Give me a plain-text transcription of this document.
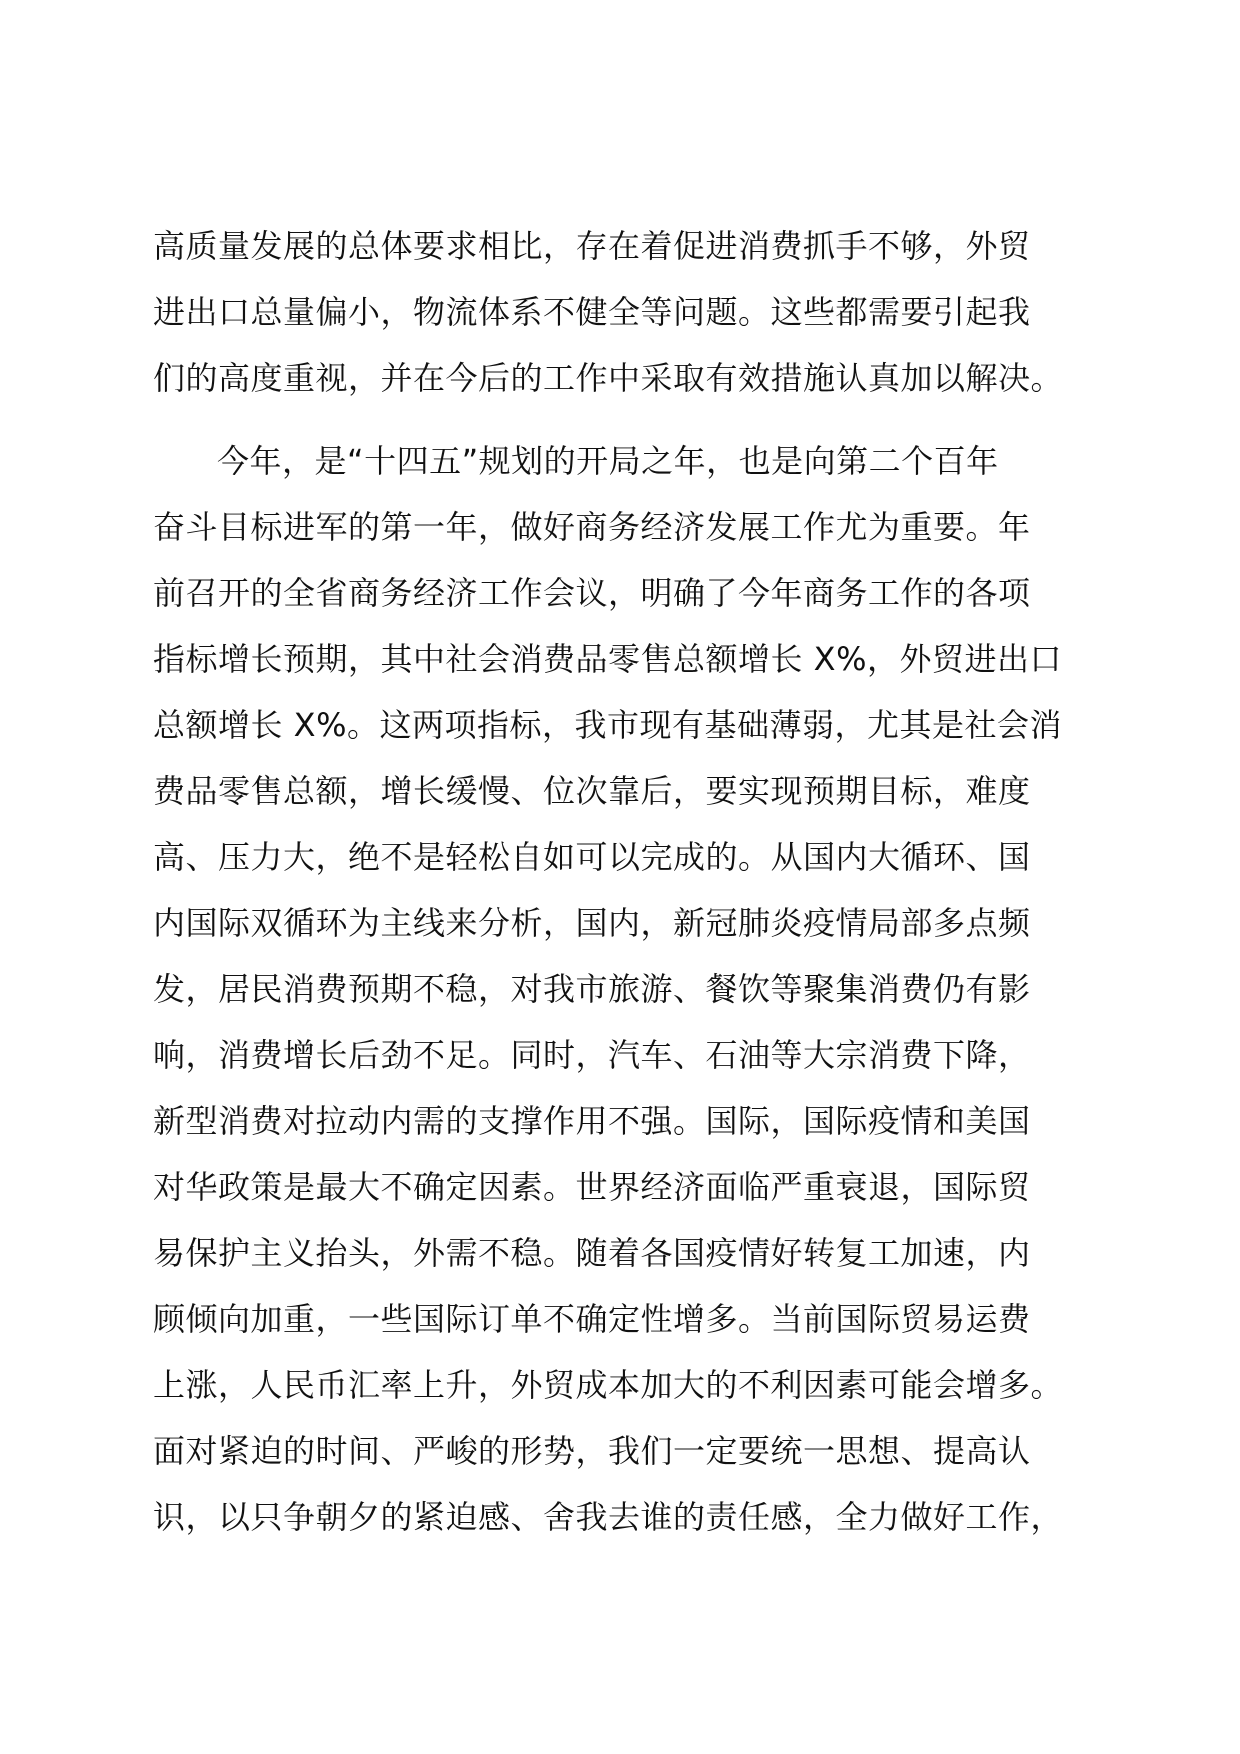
高质量发展的总体要求相比，存在着促进消费抓手不够，外贸
进出口总量偏小，物流体系不健全等问题。这些都需要引起我
们的高度重视，并在今后的工作中采取有效措施认真加以解决。
今年，是“十四五”规划的开局之年，也是向第二个百年
奋斗目标进军的第一年，做好商务经济发展工作尤为重要。年
前召开的全省商务经济工作会议，明确了今年商务工作的各项
指标增长预期，其中社会消费品零售总额增长 X%，外贸进出口
总额增长 X%。这两项指标，我市现有基础薄弱，尤其是社会消
费品零售总额，增长缓慢、位次靠后，要实现预期目标，难度
高、压力大，绝不是轻松自如可以完成的。从国内大循环、国
内国际双循环为主线来分析，国内，新冠肺炎疫情局部多点频
发，居民消费预期不稳，对我市旅游、餐饮等聚集消费仍有影
响，消费增长后劲不足。同时，汽车、石油等大宗消费下降，
新型消费对拉动内需的支撑作用不强。国际，国际疫情和美国
对华政策是最大不确定因素。世界经济面临严重衰退，国际贸
易保护主义抬头，外需不稳。随着各国疫情好转复工加速，内
顾倾向加重，一些国际订单不确定性增多。当前国际贸易运费
上涨，人民币汇率上升，外贸成本加大的不利因素可能会增多。
面对紧迫的时间、严峻的形势，我们一定要统一思想、提高认
识，以只争朝夕的紧迫感、舍我去谁的责任感，全力做好工作，
